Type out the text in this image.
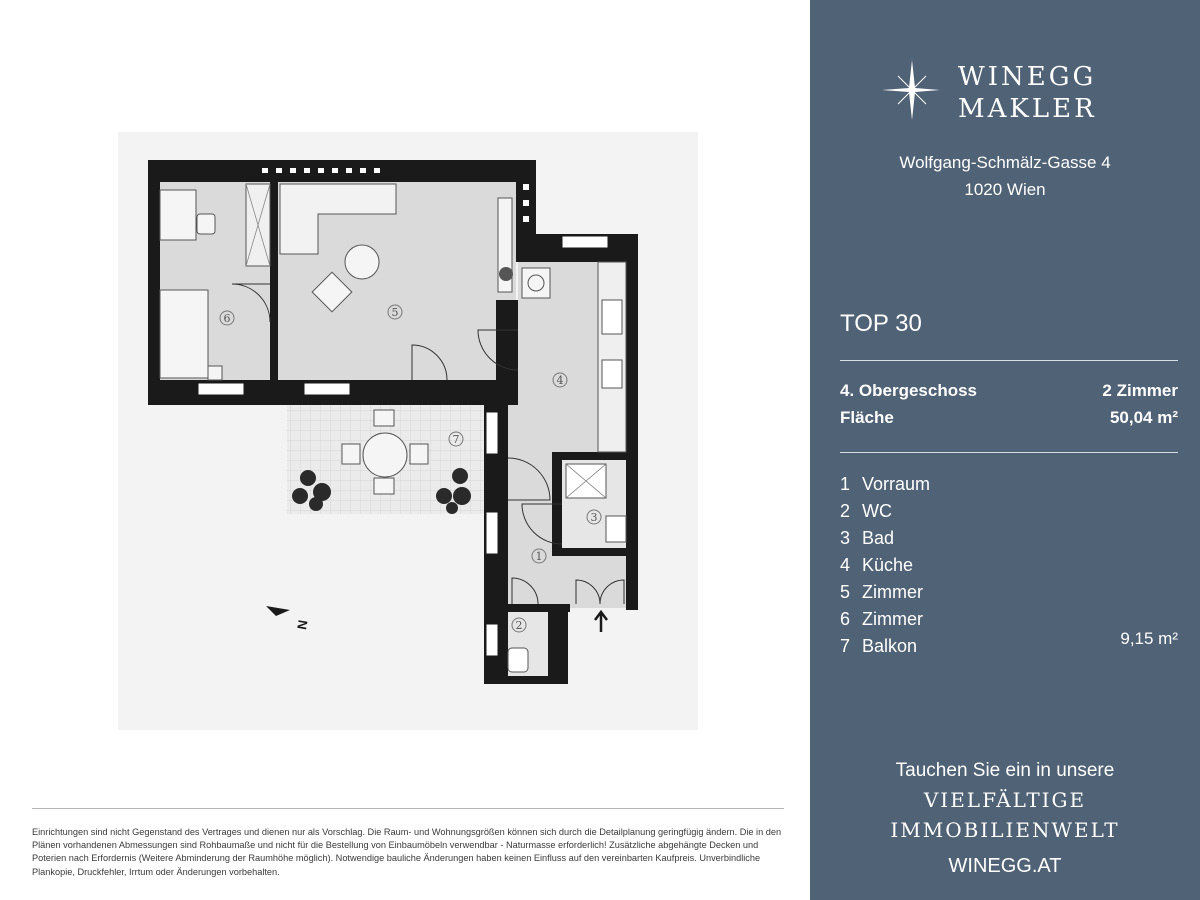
1
2
3
4
5
6
7
N
Einrichtungen sind nicht Gegenstand des Vertrages und dienen nur als Vorschlag. Die Raum- und Wohnungsgrößen können sich durch die Detailplanung geringfügig ändern. Die in den Plänen vorhandenen Abmessungen sind Rohbaumaße und nicht für die Bestellung von Einbaumöbeln verwendbar - Naturmasse erforderlich! Zusätzliche abgehängte Decken und Poterien nach Erfordernis (Weitere Abminderung der Raumhöhe möglich). Notwendige bauliche Änderungen haben keinen Einfluss auf den vereinbarten Kaufpreis. Unverbindliche Plankopie, Druckfehler, Irrtum oder Änderungen vorbehalten.
WINEGG
MAKLER
Wolfgang-Schmälz-Gasse 4
1020 Wien
TOP 30
4. Obergeschoss	2 Zimmer
Fläche	50,04 m²
1 Vorraum
2 WC
3 Bad
4 Küche
5 Zimmer
6 Zimmer
7 Balkon	9,15 m²
Tauchen Sie ein in unsere
VIELFÄLTIGE
IMMOBILIENWELT
WINEGG.AT
